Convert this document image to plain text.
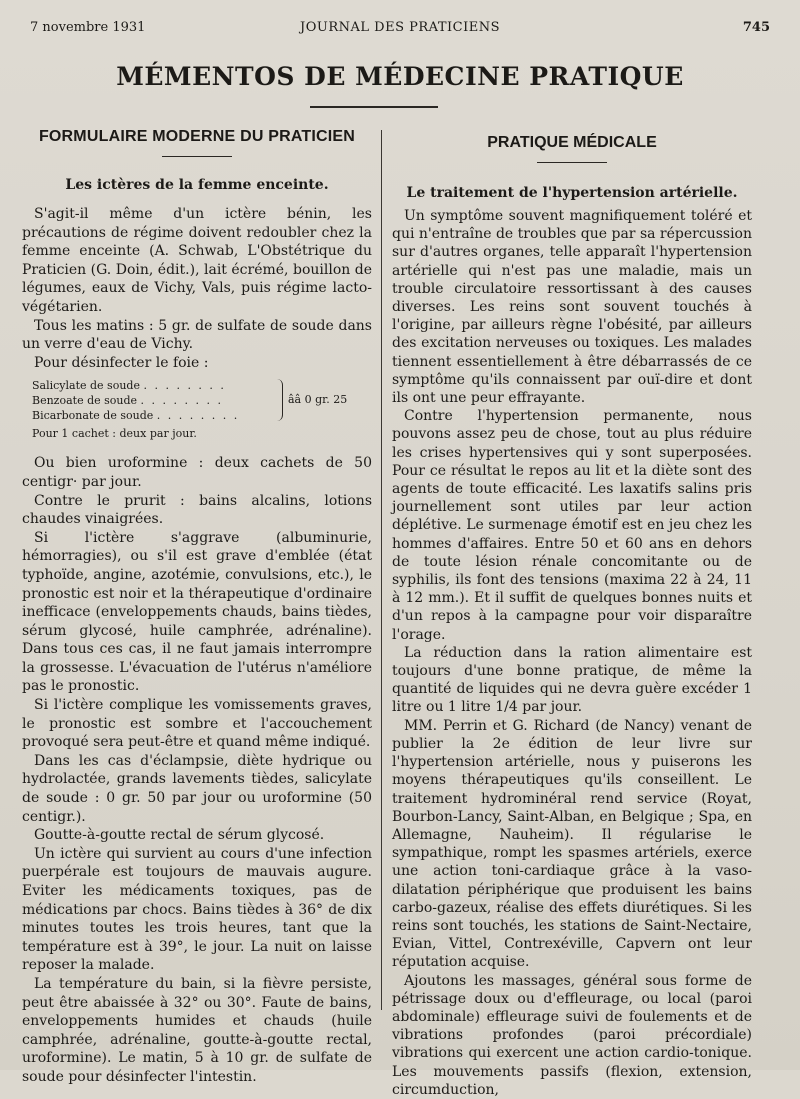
7 novembre 1931	JOURNAL DES PRATICIENS	745
MÉMENTOS DE MÉDECINE PRATIQUE
FORMULAIRE MODERNE DU PRATICIEN
Les ictères de la femme enceinte.

S'agit-il même d'un ictère bénin, les précautions de régime doivent redoubler chez la femme enceinte (A. Schwab, L'Obstétrique du Praticien (G. Doin, édit.), lait écrémé, bouillon de légumes, eaux de Vichy, Vals, puis régime lacto-végétarien.

Tous les matins : 5 gr. de sulfate de soude dans un verre d'eau de Vichy.

Pour désinfecter le foie :

Salicylate de soude . . . . . . . .
Benzoate de soude . . . . . . . .
Bicarbonate de soude . . . . . . . .
ââ 0 gr. 25
Pour 1 cachet : deux par jour.

Ou bien uroformine : deux cachets de 50 centigr· par jour.

Contre le prurit : bains alcalins, lotions chaudes vinaigrées.

Si l'ictère s'aggrave (albuminurie, hémorragies), ou s'il est grave d'emblée (état typhoïde, angine, azotémie, convulsions, etc.), le pronostic est noir et la thérapeutique d'ordinaire inefficace (enveloppements chauds, bains tièdes, sérum glycosé, huile camphrée, adrénaline). Dans tous ces cas, il ne faut jamais interrompre la grossesse. L'évacuation de l'utérus n'améliore pas le pronostic.

Si l'ictère complique les vomissements graves, le pronostic est sombre et l'accouchement provoqué sera peut-être et quand même indiqué.

Dans les cas d'éclampsie, diète hydrique ou hydrolactée, grands lavements tièdes, salicylate de soude : 0 gr. 50 par jour ou uroformine (50 centigr.).

Goutte-à-goutte rectal de sérum glycosé.

Un ictère qui survient au cours d'une infection puerpérale est toujours de mauvais augure. Eviter les médicaments toxiques, pas de médications par chocs. Bains tièdes à 36° de dix minutes toutes les trois heures, tant que la température est à 39°, le jour. La nuit on laisse reposer la malade.

La température du bain, si la fièvre persiste, peut être abaissée à 32° ou 30°. Faute de bains, enveloppements humides et chauds (huile camphrée, adrénaline, goutte-à-goutte rectal, uroformine). Le matin, 5 à 10 gr. de sulfate de soude pour désinfecter l'intestin.

PRATIQUE MÉDICALE
Le traitement de l'hypertension artérielle.

Un symptôme souvent magnifiquement toléré et qui n'entraîne de troubles que par sa répercussion sur d'autres organes, telle apparaît l'hypertension artérielle qui n'est pas une maladie, mais un trouble circulatoire ressortissant à des causes diverses. Les reins sont souvent touchés à l'origine, par ailleurs règne l'obésité, par ailleurs des excitation nerveuses ou toxiques. Les malades tiennent essentiellement à être débarrassés de ce symptôme qu'ils connaissent par ouï-dire et dont ils ont une peur effrayante.

Contre l'hypertension permanente, nous pouvons assez peu de chose, tout au plus réduire les crises hypertensives qui y sont superposées. Pour ce résultat le repos au lit et la diète sont des agents de toute efficacité. Les laxatifs salins pris journellement sont utiles par leur action déplétive. Le surmenage émotif est en jeu chez les hommes d'affaires. Entre 50 et 60 ans en dehors de toute lésion rénale concomitante ou de syphilis, ils font des tensions (maxima 22 à 24, 11 à 12 mm.). Et il suffit de quelques bonnes nuits et d'un repos à la campagne pour voir disparaître l'orage.

La réduction dans la ration alimentaire est toujours d'une bonne pratique, de même la quantité de liquides qui ne devra guère excéder 1 litre ou 1 litre 1/4 par jour.

MM. Perrin et G. Richard (de Nancy) venant de publier la 2e édition de leur livre sur l'hypertension artérielle, nous y puiserons les moyens thérapeutiques qu'ils conseillent. Le traitement hydrominéral rend service (Royat, Bourbon-Lancy, Saint-Alban, en Belgique ; Spa, en Allemagne, Nauheim). Il régularise le sympathique, rompt les spasmes artériels, exerce une action toni-cardiaque grâce à la vaso-dilatation périphérique que produisent les bains carbo-gazeux, réalise des effets diurétiques. Si les reins sont touchés, les stations de Saint-Nectaire, Evian, Vittel, Contrexéville, Capvern ont leur réputation acquise.

Ajoutons les massages, général sous forme de pétrissage doux ou d'effleurage, ou local (paroi abdominale) effleurage suivi de foulements et de vibrations profondes (paroi précordiale) vibrations qui exercent une action cardio-tonique. Les mouvements passifs (flexion, extension, circumduction,
